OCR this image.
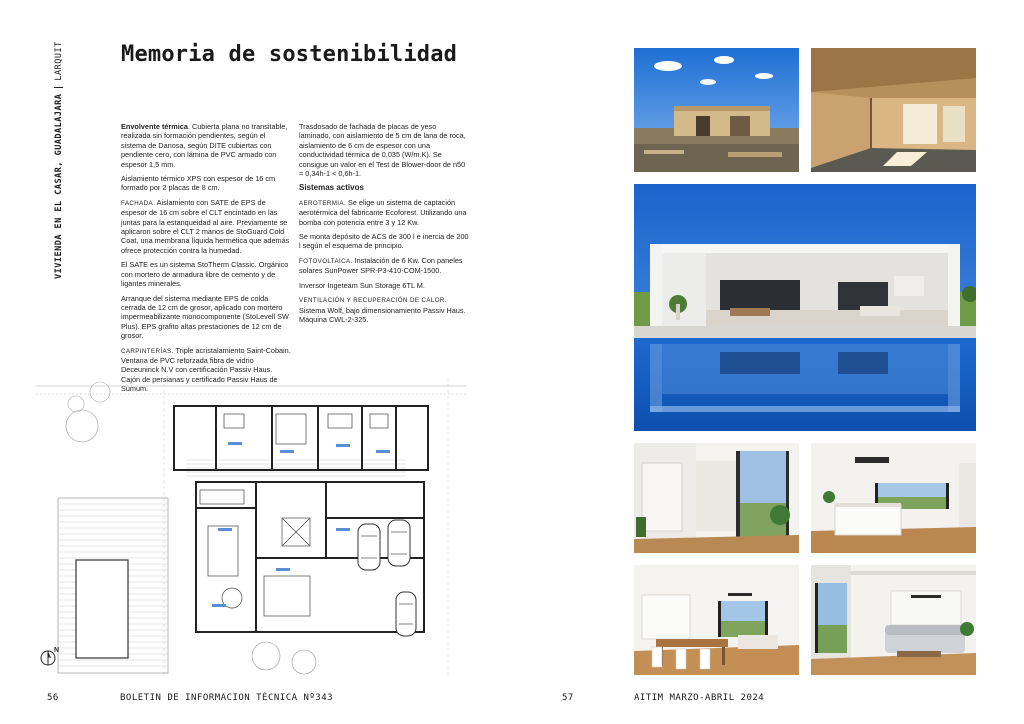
VIVIENDA EN EL CASAR, GUADALAJARALARQUIT	Memoria de sostenibilidad

Envolvente térmica. Cubierta plana no transitable, realizada sin formación pendientes, según el sistema de Danosa, según DITE cubiertas con pendiente cero, con lámina de PVC armado con espesor 1,5 mm.

Aislamiento térmico XPS con espesor de 16 cm formado por 2 placas de 8 cm.

FACHADA. Aislamiento con SATE de EPS de espesor de 16 cm sobre el CLT encintado en las juntas para la estanqueidad al aire. Previamente se aplicaron sobre el CLT 2 manos de StoGuard Cold Coat, una membrana líquida hermética que además ofrece protección contra la humedad.

El SATE es un sistema StoTherm Classic. Orgánico con mortero de armadura libre de cemento y de ligantes minerales.

Arranque del sistema mediante EPS de colda cerrada de 12 cm de grosor, aplicado con mortero impermeabilizante monocomponente (StoLevell SW Plus). EPS grafito altas prestaciones de 12 cm de grosor.

CARPINTERÍAS. Triple acristalamiento Saint-Cobain. Ventana de PVC reforzada fibra de vidrio Deceuninck N.V con certificación Passiv Haus. Cajón de persianas y certificado Passiv Haus de Sumum.

Trasdosado de fachada de placas de yeso laminado, con aislamiento de 5 cm de lana de roca, aislamiento de 6 cm de espesor con una conductividad térmica de 0,035 (W/m.K). Se consigue un valor en el Test de Blower-door de n50 = 0,34h-1 < 0,6h-1.

Sistemas activos

AEROTERMIA. Se elige un sistema de captación aerotérmica del fabricante Ecoforest. Utilizando una bomba con potencia entre 3 y 12 Kw.

Se monta depósito de ACS de 300 l e inercia de 200 l según el esquema de principio.

FOTOVOLTAICA. Instalación de 6 Kw. Con paneles solares SunPower SPR-P3-410-COM-1500.

Inversor Ingeteam Sun Storage 6TL M.

VENTILACIÓN Y RECUPERACIÓN DE CALOR. Sistema Wolf, bajo dimensionamiento Passiv Haus. Máquina CWL-2-325.

N
56	BOLETIN DE INFORMACION TÉCNICA Nº343	57	AITIM MARZO-ABRIL 2024
